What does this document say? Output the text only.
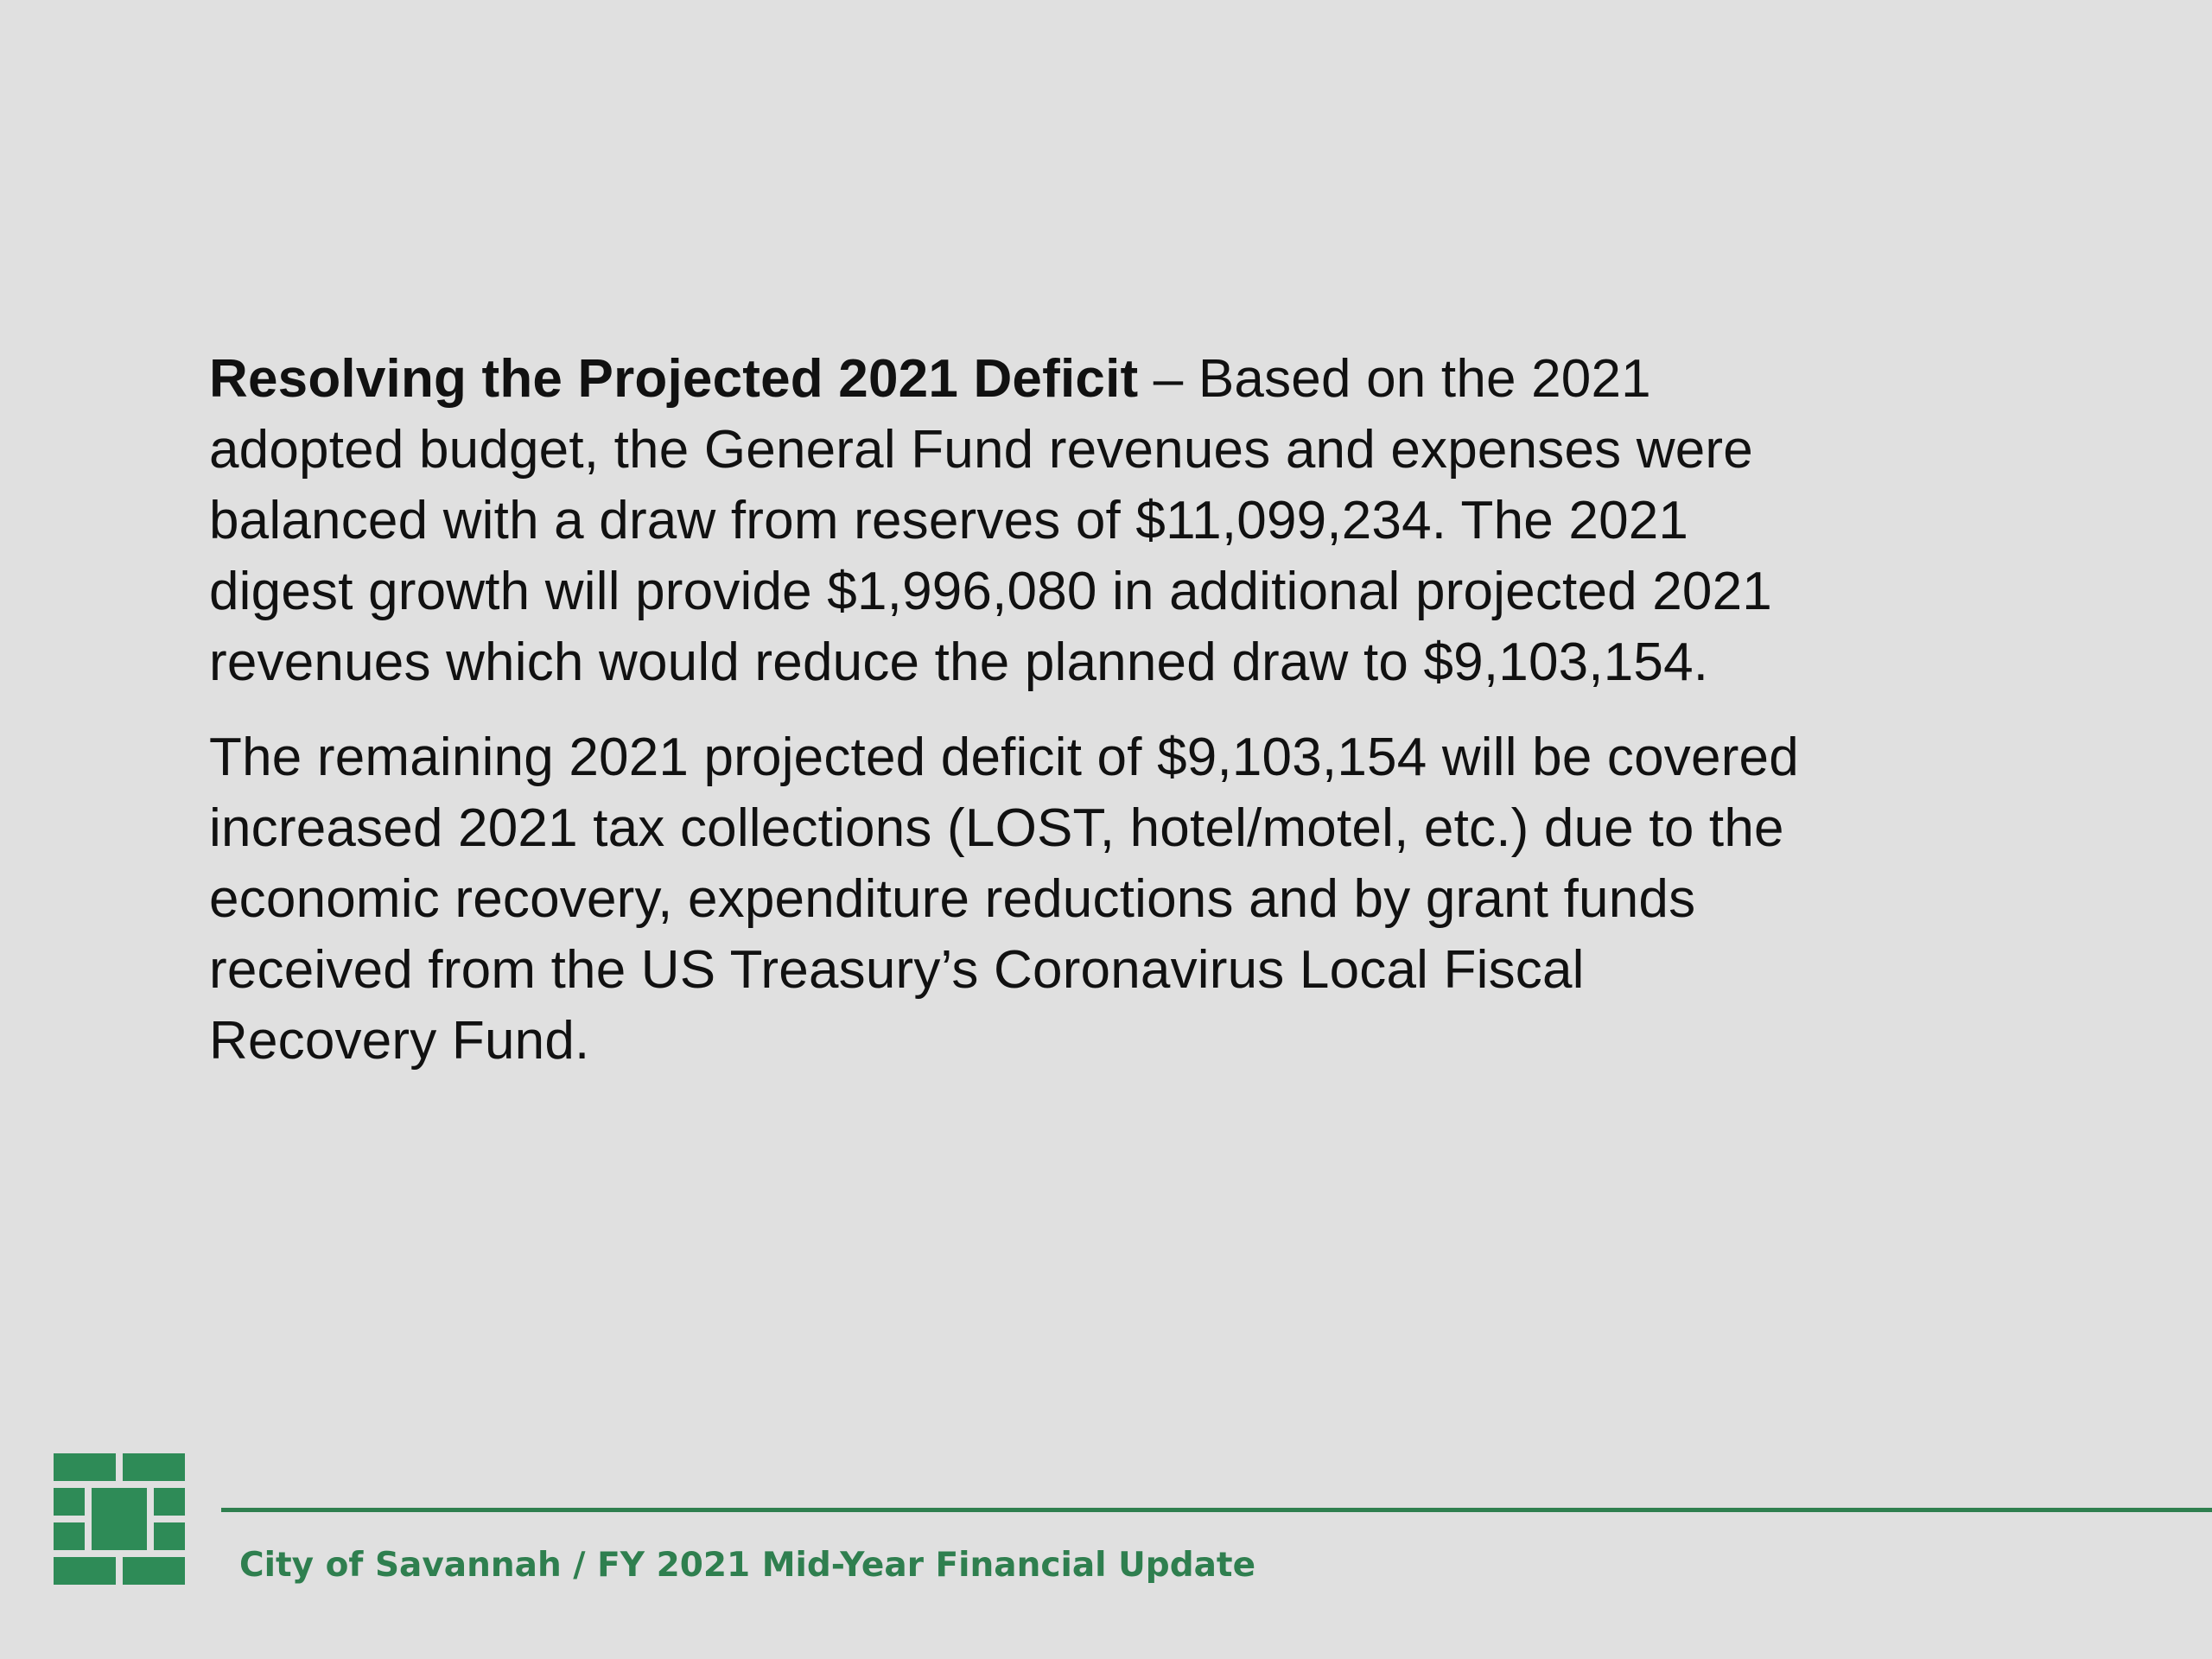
Resolving the Projected 2021 Deficit – Based on the 2021
adopted budget, the General Fund revenues and expenses were
balanced with a draw from reserves of $11,099,234. The 2021
digest growth will provide $1,996,080 in additional projected 2021
revenues which would reduce the planned draw to $9,103,154.

The remaining 2021 projected deficit of $9,103,154 will be covered
increased 2021 tax collections (LOST, hotel/motel, etc.) due to the
economic recovery, expenditure reductions and by grant funds
received from the US Treasury’s Coronavirus Local Fiscal
Recovery Fund.

City of Savannah / FY 2021 Mid-Year Financial Update
